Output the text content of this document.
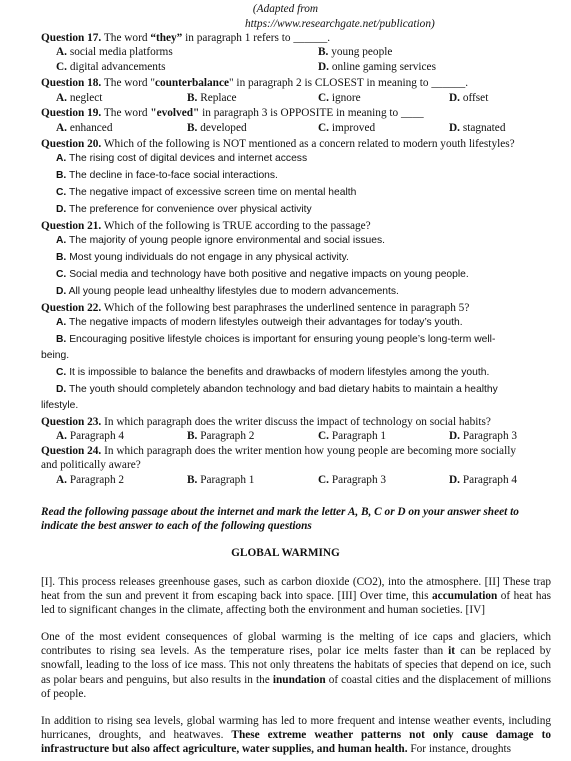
(Adapted from
https://www.researchgate.net/publication)
Question 17. The word “they” in paragraph 1 refers to ______.
A. social media platforms	B. young people
C. digital advancements	D. online gaming services
Question 18. The word "counterbalance" in paragraph 2 is CLOSEST in meaning to ______.
A. neglect	B. Replace	C. ignore	D. offset
Question 19. The word "evolved" in paragraph 3 is OPPOSITE in meaning to ____
A. enhanced	B. developed	C. improved	D. stagnated
Question 20. Which of the following is NOT mentioned as a concern related to modern youth lifestyles?
A. The rising cost of digital devices and internet access
B. The decline in face-to-face social interactions.
C. The negative impact of excessive screen time on mental health
D. The preference for convenience over physical activity
Question 21. Which of the following is TRUE according to the passage?
A. The majority of young people ignore environmental and social issues.
B. Most young individuals do not engage in any physical activity.
C. Social media and technology have both positive and negative impacts on young people.
D. All young people lead unhealthy lifestyles due to modern advancements.
Question 22. Which of the following best paraphrases the underlined sentence in paragraph 5?
A. The negative impacts of modern lifestyles outweigh their advantages for today’s youth.
B. Encouraging positive lifestyle choices is important for ensuring young people’s long-term well-
being.
C. It is impossible to balance the benefits and drawbacks of modern lifestyles among the youth.
D. The youth should completely abandon technology and bad dietary habits to maintain a healthy
lifestyle.
Question 23. In which paragraph does the writer discuss the impact of technology on social habits?
A. Paragraph 4	B. Paragraph 2	C. Paragraph 1	D. Paragraph 3
Question 24. In which paragraph does the writer mention how young people are becoming more socially
and politically aware?
A. Paragraph 2	B. Paragraph 1	C. Paragraph 3	D. Paragraph 4
Read the following passage about the internet and mark the letter A, B, C or D on your answer sheet to
indicate the best answer to each of the following questions
GLOBAL WARMING

[I]. This process releases greenhouse gases, such as carbon dioxide (CO2), into the atmosphere. [II] These trap heat from the sun and prevent it from escaping back into space. [III] Over time, this accumulation of heat has led to significant changes in the climate, affecting both the environment and human societies. [IV]

One of the most evident consequences of global warming is the melting of ice caps and glaciers, which contributes to rising sea levels. As the temperature rises, polar ice melts faster than it can be replaced by snowfall, leading to the loss of ice mass. This not only threatens the habitats of species that depend on ice, such as polar bears and penguins, but also results in the inundation of coastal cities and the displacement of millions of people.

In addition to rising sea levels, global warming has led to more frequent and intense weather events, including hurricanes, droughts, and heatwaves. These extreme weather patterns not only cause damage to infrastructure but also affect agriculture, water supplies, and human health. For instance, droughts
